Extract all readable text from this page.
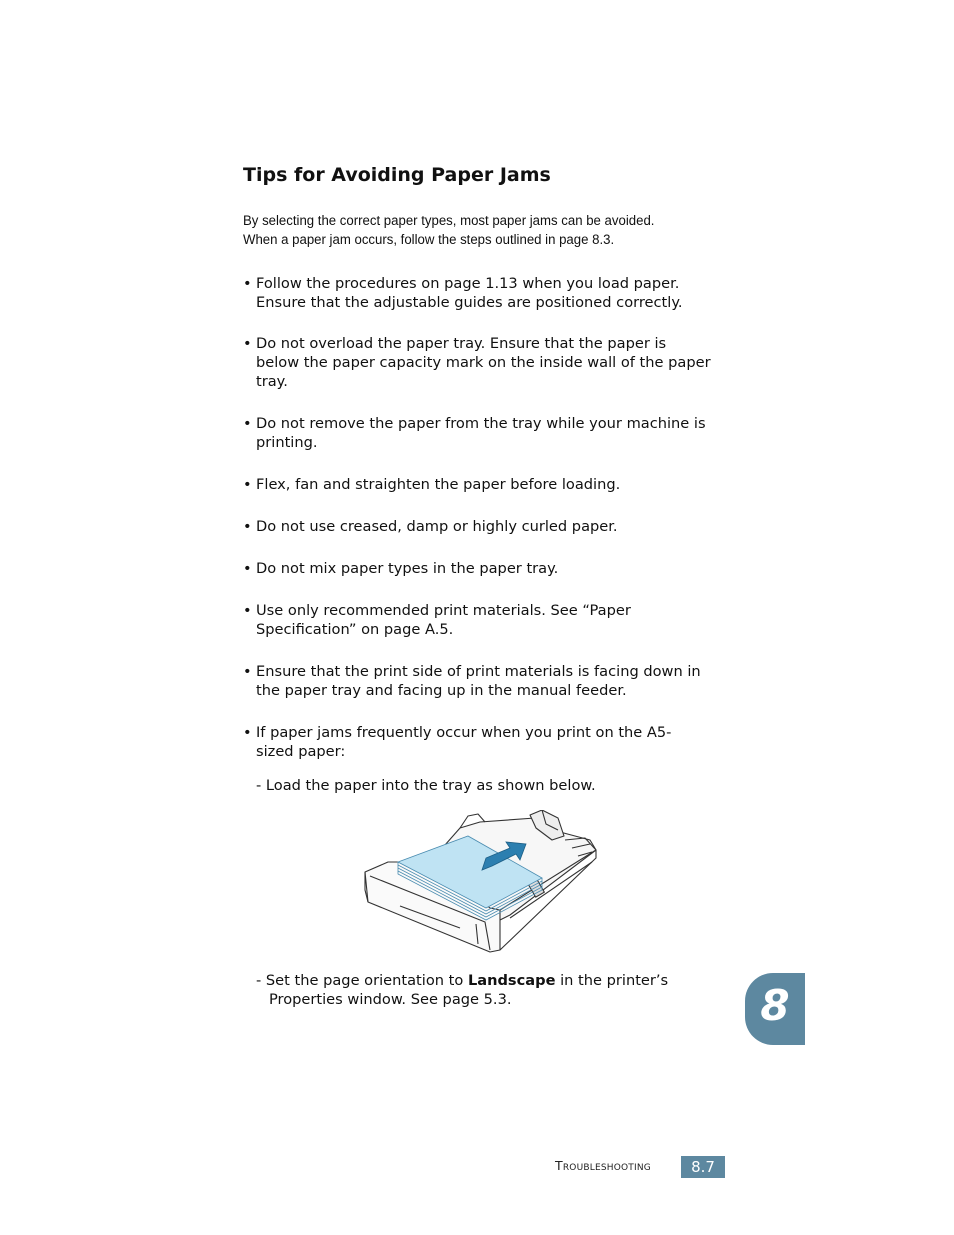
Tips for Avoiding Paper Jams
By selecting the correct paper types, most paper jams can be avoided.
When a paper jam occurs, follow the steps outlined in page 8.3.
• Follow the procedures on page 1.13 when you load paper.
Ensure that the adjustable guides are positioned correctly.
• Do not overload the paper tray. Ensure that the paper is
below the paper capacity mark on the inside wall of the paper
tray.
• Do not remove the paper from the tray while your machine is
printing.
• Flex, fan and straighten the paper before loading.
• Do not use creased, damp or highly curled paper.
• Do not mix paper types in the paper tray.
• Use only recommended print materials. See “Paper
Specification” on page A.5.
• Ensure that the print side of print materials is facing down in
the paper tray and facing up in the manual feeder.
• If paper jams frequently occur when you print on the A5-
sized paper:
- Load the paper into the tray as shown below.
- Set the page orientation to Landscape in the printer’s
Properties window. See page 5.3.	8
Troubleshooting	8.7
